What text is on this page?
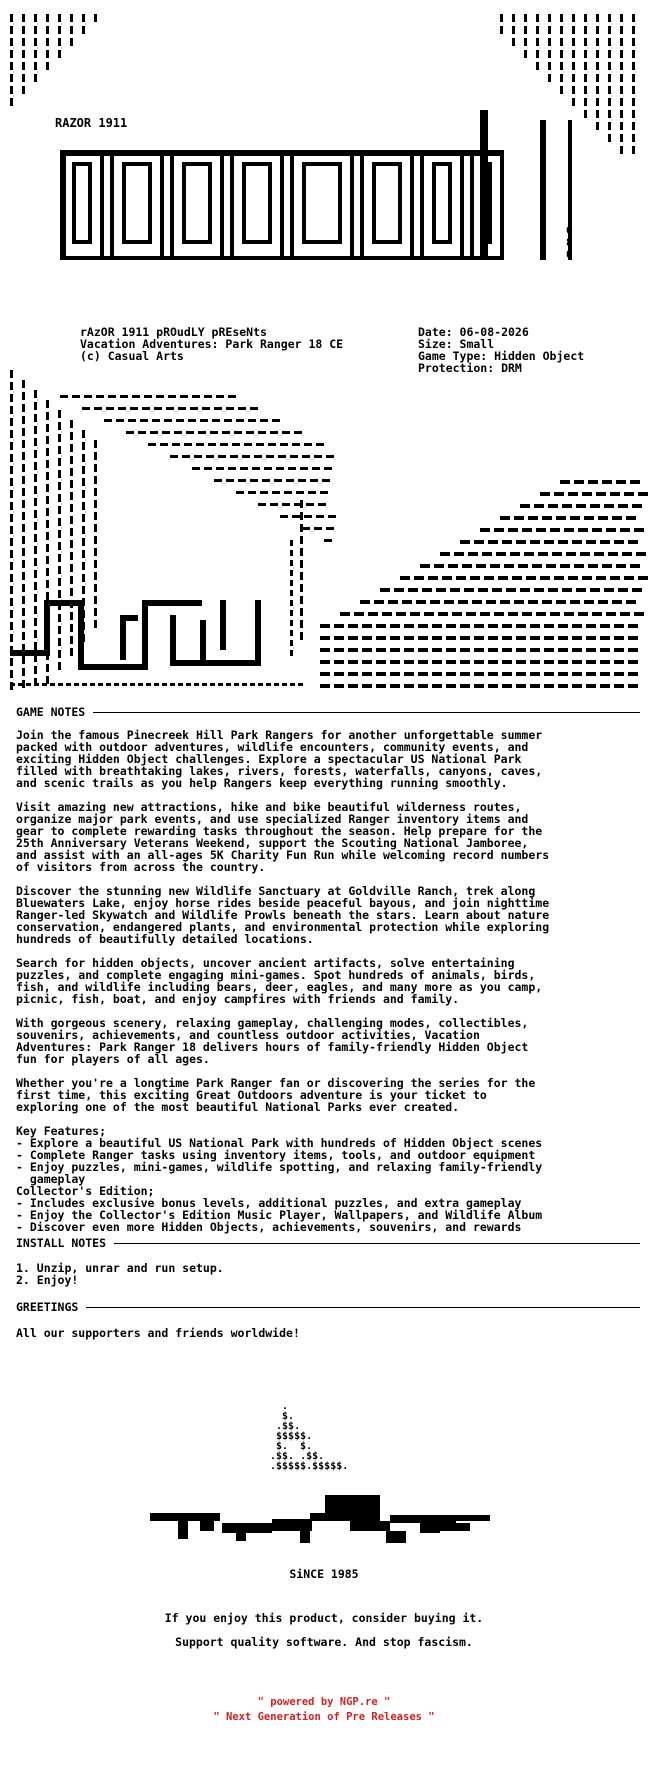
RAZOR 1911
G
8
0
rAzOR 1911 pROudLY pREseNts
Vacation Adventures: Park Ranger 18 CE
(c) Casual Arts
Date: 06-08-2026
Size: Small
Game Type: Hidden Object
Protection: DRM
GAME NOTES
Join the famous Pinecreek Hill Park Rangers for another unforgettable summer
packed with outdoor adventures, wildlife encounters, community events, and
exciting Hidden Object challenges. Explore a spectacular US National Park
filled with breathtaking lakes, rivers, forests, waterfalls, canyons, caves,
and scenic trails as you help Rangers keep everything running smoothly.
Visit amazing new attractions, hike and bike beautiful wilderness routes,
organize major park events, and use specialized Ranger inventory items and
gear to complete rewarding tasks throughout the season. Help prepare for the
25th Anniversary Veterans Weekend, support the Scouting National Jamboree,
and assist with an all-ages 5K Charity Fun Run while welcoming record numbers
of visitors from across the country.
Discover the stunning new Wildlife Sanctuary at Goldville Ranch, trek along
Bluewaters Lake, enjoy horse rides beside peaceful bayous, and join nighttime
Ranger-led Skywatch and Wildlife Prowls beneath the stars. Learn about nature
conservation, endangered plants, and environmental protection while exploring
hundreds of beautifully detailed locations.
Search for hidden objects, uncover ancient artifacts, solve entertaining
puzzles, and complete engaging mini-games. Spot hundreds of animals, birds,
fish, and wildlife including bears, deer, eagles, and many more as you camp,
picnic, fish, boat, and enjoy campfires with friends and family.
With gorgeous scenery, relaxing gameplay, challenging modes, collectibles,
souvenirs, achievements, and countless outdoor activities, Vacation
Adventures: Park Ranger 18 delivers hours of family-friendly Hidden Object
fun for players of all ages.
Whether you're a longtime Park Ranger fan or discovering the series for the
first time, this exciting Great Outdoors adventure is your ticket to
exploring one of the most beautiful National Parks ever created.
Key Features;
- Explore a beautiful US National Park with hundreds of Hidden Object scenes
- Complete Ranger tasks using inventory items, tools, and outdoor equipment
- Enjoy puzzles, mini-games, wildlife spotting, and relaxing family-friendly
gameplay
Collector's Edition;
- Includes exclusive bonus levels, additional puzzles, and extra gameplay
- Enjoy the Collector's Edition Music Player, Wallpapers, and Wildlife Album
- Discover even more Hidden Objects, achievements, souvenirs, and rewards
INSTALL NOTES
1. Unzip, unrar and run setup.
2. Enjoy!
GREETINGS
All our supporters and friends worldwide!
.
$.
.$$.
$$$$$.
$.  $.
.$$. .$$.
.$$$$$.$$$$$.
SiNCE 1985
If you enjoy this product, consider buying it.
Support quality software. And stop fascism.
" powered by NGP.re "
" Next Generation of Pre Releases "
